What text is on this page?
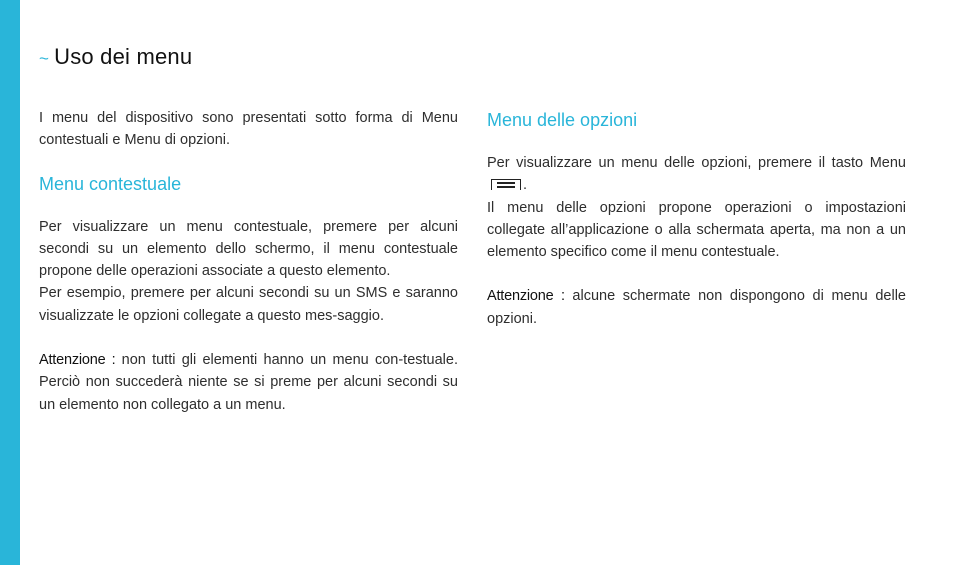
~ Uso dei menu

I menu del dispositivo sono presentati sotto forma di Menu contestuali e Menu di opzioni.

Menu contestuale

Per visualizzare un menu contestuale, premere per alcuni secondi su un elemento dello schermo, il menu contestuale propone delle operazioni associate a questo elemento.

Per esempio, premere per alcuni secondi su un SMS e saranno visualizzate le opzioni collegate a questo mes-saggio.

Attenzione : non tutti gli elementi hanno un menu con-testuale. Perciò non succederà niente se si preme per alcuni secondi su un elemento non collegato a un menu.

Menu delle opzioni

Per visualizzare un menu delle opzioni, premere il tasto Menu
.

Il menu delle opzioni propone operazioni o impostazioni collegate all’applicazione o alla schermata aperta, ma non a un elemento specifico come il menu contestuale.

Attenzione : alcune schermate non dispongono di menu delle opzioni.
